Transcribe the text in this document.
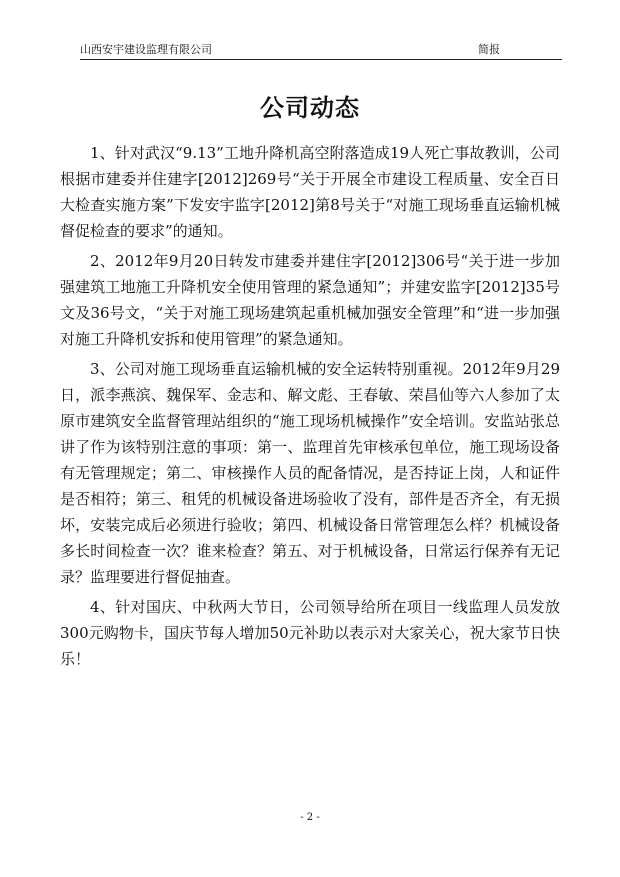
山西安宇建设监理有限公司	简报
公司动态

1、针对武汉“9.13”工地升降机高空附落造成19人死亡事故教训，公司根据市建委并住建字[2012]269号“关于开展全市建设工程质量、安全百日大检查实施方案”下发安宇监字[2012]第8号关于“对施工现场垂直运输机械督促检查的要求”的通知。

2、2012年9月20日转发市建委并建住字[2012]306号“关于进一步加强建筑工地施工升降机安全使用管理的紧急通知”；并建安监字[2012]35号文及36号文，“关于对施工现场建筑起重机械加强安全管理”和“进一步加强对施工升降机安拆和使用管理”的紧急通知。

3、公司对施工现场垂直运输机械的安全运转特别重视。2012年9月29日，派李燕滨、魏保军、金志和、解文彪、王春敏、荣昌仙等六人参加了太原市建筑安全监督管理站组织的“施工现场机械操作”安全培训。安监站张总讲了作为该特别注意的事项：第一、监理首先审核承包单位，施工现场设备有无管理规定；第二、审核操作人员的配备情况，是否持证上岗，人和证件是否相符；第三、租凭的机械设备进场验收了没有，部件是否齐全，有无损坏，安装完成后必须进行验收；第四、机械设备日常管理怎么样？机械设备多长时间检查一次？谁来检查？第五、对于机械设备，日常运行保养有无记录？监理要进行督促抽查。

4、针对国庆、中秋两大节日，公司领导给所在项目一线监理人员发放300元购物卡，国庆节每人增加50元补助以表示对大家关心，祝大家节日快乐！

- 2 -
